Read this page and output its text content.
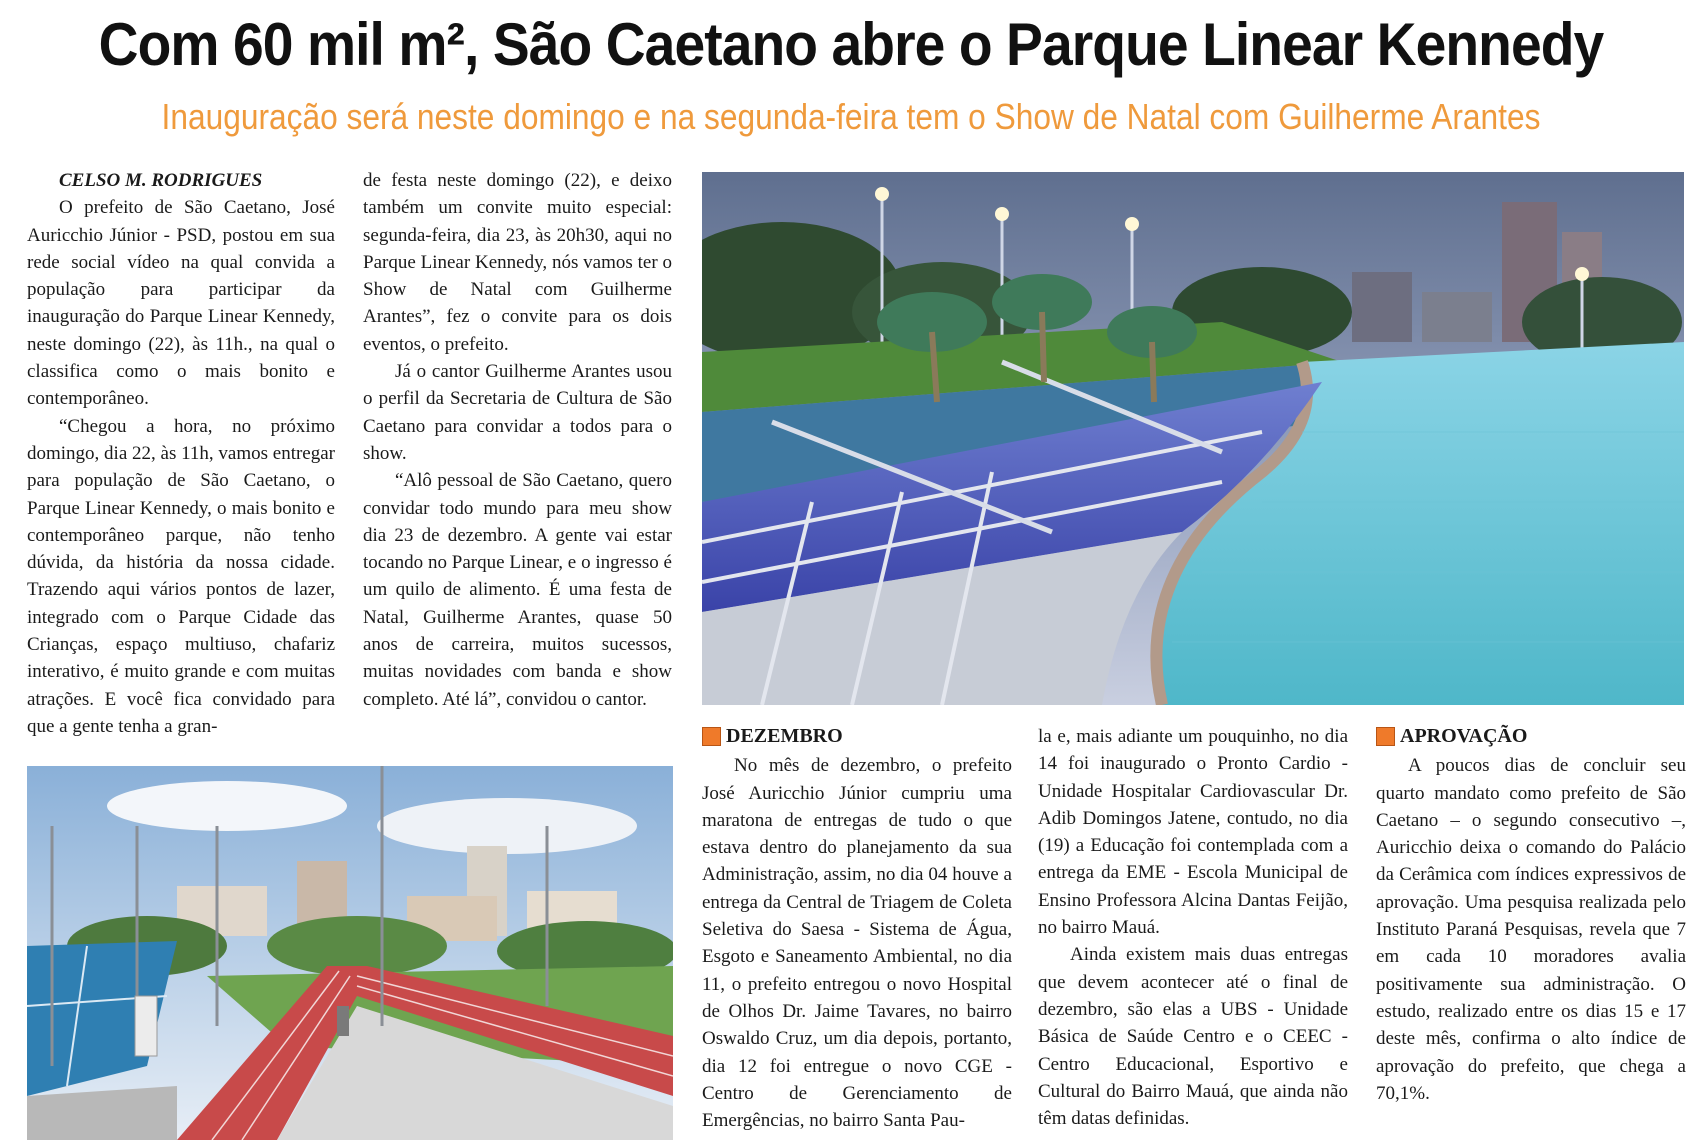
Com 60 mil m², São Caetano abre o Parque Linear Kennedy
Inauguração será neste domingo e na segunda-feira tem o Show de Natal com Guilherme Arantes

CELSO M. RODRIGUES

O prefeito de São Caetano, José Auricchio Júnior - PSD, postou em sua rede social vídeo na qual convida a população para participar da inauguração do Parque Linear Kennedy, neste domingo (22), às 11h., na qual o classifica como o mais bonito e contemporâneo.

“Chegou a hora, no próximo domingo, dia 22, às 11h, vamos entregar para população de São Caetano, o Parque Linear Kennedy, o mais bonito e contemporâneo parque, não tenho dúvida, da história da nossa cidade. Trazendo aqui vários pontos de lazer, integrado com o Parque Cidade das Crianças, espaço multiuso, chafariz interativo, é muito grande e com muitas atrações. E você fica convidado para que a gente tenha a gran-

de festa neste domingo (22), e deixo também um convite muito especial: segunda-feira, dia 23, às 20h30, aqui no Parque Linear Kennedy, nós vamos ter o Show de Natal com Guilherme Arantes”, fez o convite para os dois eventos, o prefeito.

Já o cantor Guilherme Arantes usou o perfil da Secretaria de Cultura de São Caetano para convidar a todos para o show.

“Alô pessoal de São Caetano, quero convidar todo mundo para meu show dia 23 de dezembro. A gente vai estar tocando no Parque Linear, e o ingresso é um quilo de alimento. É uma festa de Natal, Guilherme Arantes, quase 50 anos de carreira, muitos sucessos, muitas novidades com banda e show completo. Até lá”, convidou o cantor.

DEZEMBRO

No mês de dezembro, o prefeito José Auricchio Júnior cumpriu uma maratona de entregas de tudo o que estava dentro do planejamento da sua Administração, assim, no dia 04 houve a entrega da Central de Triagem de Coleta Seletiva do Saesa - Sistema de Água, Esgoto e Saneamento Ambiental, no dia 11, o prefeito entregou o novo Hospital de Olhos Dr. Jaime Tavares, no bairro Oswaldo Cruz, um dia depois, portanto, dia 12 foi entregue o novo CGE - Centro de Gerenciamento de Emergências, no bairro Santa Pau-

la e, mais adiante um pouquinho, no dia 14 foi inaugurado o Pronto Cardio - Unidade Hospitalar Cardiovascular Dr. Adib Domingos Jatene, contudo, no dia (19) a Educação foi contemplada com a entrega da EME - Escola Municipal de Ensino Professora Alcina Dantas Feijão, no bairro Mauá.

Ainda existem mais duas entregas que devem acontecer até o final de dezembro, são elas a UBS - Unidade Básica de Saúde Centro e o CEEC - Centro Educacional, Esportivo e Cultural do Bairro Mauá, que ainda não têm datas definidas.

APROVAÇÃO

A poucos dias de concluir seu quarto mandato como prefeito de São Caetano – o segundo consecutivo –, Auricchio deixa o comando do Palácio da Cerâmica com índices expressivos de aprovação. Uma pesquisa realizada pelo Instituto Paraná Pesquisas, revela que 7 em cada 10 moradores avalia positivamente sua administração. O estudo, realizado entre os dias 15 e 17 deste mês, confirma o alto índice de aprovação do prefeito, que chega a 70,1%.
